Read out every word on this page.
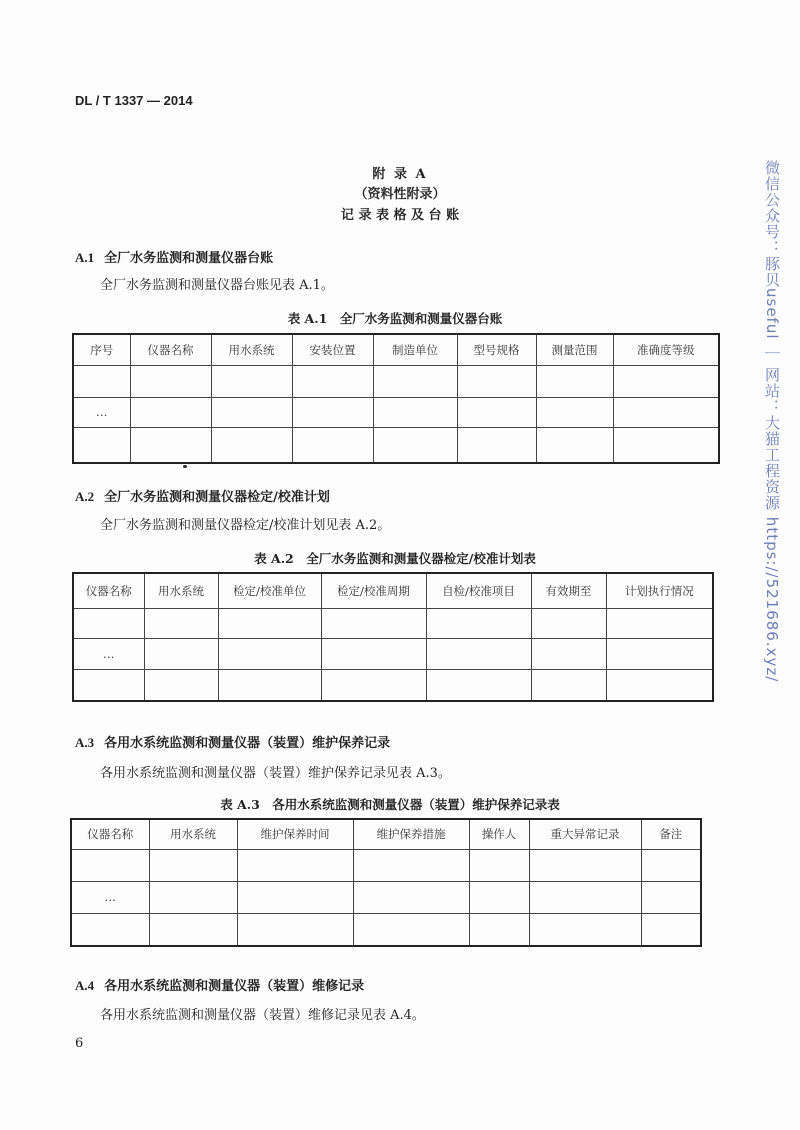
DL / T 1337 — 2014
附 录 A
（资料性附录）
记 录 表 格 及 台 账
A.1 全厂水务监测和测量仪器台账
全厂水务监测和测量仪器台账见表 A.1。
表 A.1　全厂水务监测和测量仪器台账
序号	仪器名称	用水系统	安装位置	制造单位	型号规格	测量范围	准确度等级

…							

A.2 全厂水务监测和测量仪器检定/校准计划
全厂水务监测和测量仪器检定/校准计划见表 A.2。
表 A.2　全厂水务监测和测量仪器检定/校准计划表
仪器名称	用水系统	检定/校准单位	检定/校准周期	自检/校准项目	有效期至	计划执行情况

…						

A.3 各用水系统监测和测量仪器（装置）维护保养记录
各用水系统监测和测量仪器（装置）维护保养记录见表 A.3。
表 A.3　各用水系统监测和测量仪器（装置）维护保养记录表
仪器名称	用水系统	维护保养时间	维护保养措施	操作人	重大异常记录	备注

…						

A.4 各用水系统监测和测量仪器（装置）维修记录
各用水系统监测和测量仪器（装置）维修记录见表 A.4。
6
微信公众号：豚贝useful ｜ 网站：大猫工程资源 https://521686.xyz/
